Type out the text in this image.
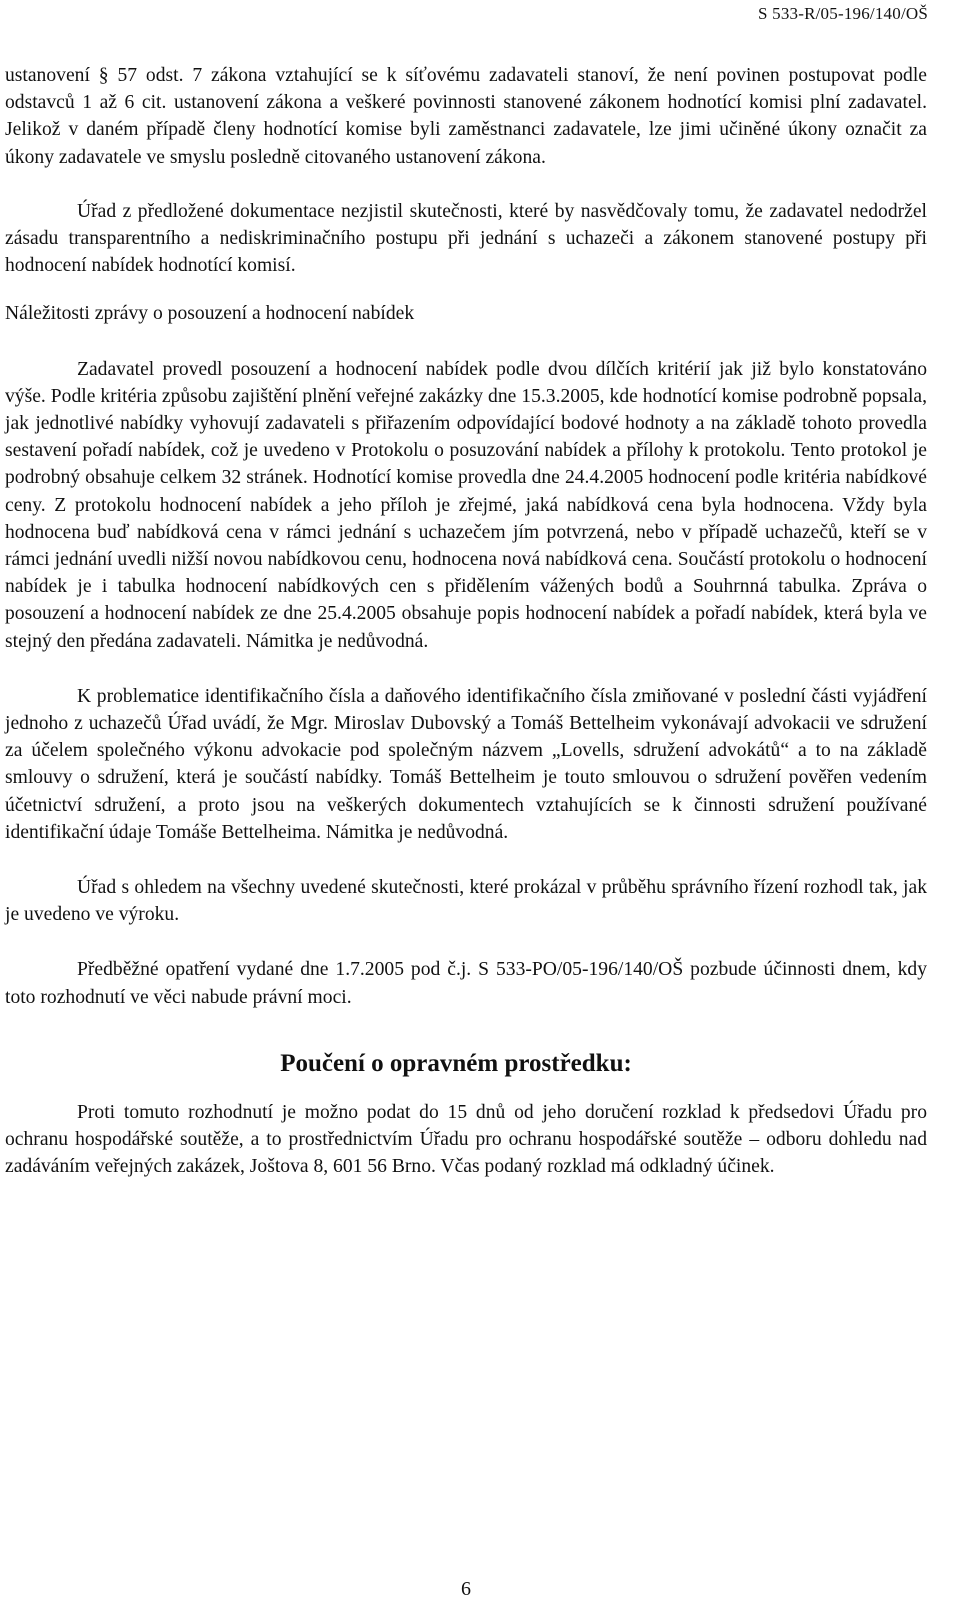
S 533-R/05-196/140/OŠ

ustanovení § 57 odst. 7 zákona vztahující se k síťovému zadavateli stanoví, že není povinen postupovat podle odstavců 1 až 6 cit. ustanovení zákona a veškeré povinnosti stanovené zákonem hodnotící komisi plní zadavatel. Jelikož v daném případě členy hodnotící komise byli zaměstnanci zadavatele, lze jimi učiněné úkony označit za úkony zadavatele ve smyslu posledně citovaného ustanovení zákona.

Úřad z předložené dokumentace nezjistil skutečnosti, které by nasvědčovaly tomu, že zadavatel nedodržel zásadu transparentního a nediskriminačního postupu při jednání s uchazeči a zákonem stanovené postupy při hodnocení nabídek hodnotící komisí.

Náležitosti zprávy o posouzení a hodnocení nabídek

Zadavatel provedl posouzení a hodnocení nabídek podle dvou dílčích kritérií jak již bylo konstatováno výše. Podle kritéria způsobu zajištění plnění veřejné zakázky dne 15.3.2005, kde hodnotící komise podrobně popsala, jak jednotlivé nabídky vyhovují zadavateli s přiřazením odpovídající bodové hodnoty a na základě tohoto provedla sestavení pořadí nabídek, což je uvedeno v Protokolu o posuzování nabídek a přílohy k protokolu. Tento protokol je podrobný obsahuje celkem 32 stránek. Hodnotící komise provedla dne 24.4.2005 hodnocení podle kritéria nabídkové ceny. Z protokolu hodnocení nabídek a jeho příloh je zřejmé, jaká nabídková cena byla hodnocena. Vždy byla hodnocena buď nabídková cena v rámci jednání s uchazečem jím potvrzená, nebo v případě uchazečů, kteří se v rámci jednání uvedli nižší novou nabídkovou cenu, hodnocena nová nabídková cena. Součástí protokolu o hodnocení nabídek je i tabulka hodnocení nabídkových cen s přidělením vážených bodů a Souhrnná tabulka. Zpráva o posouzení a hodnocení nabídek ze dne 25.4.2005 obsahuje popis hodnocení nabídek a pořadí nabídek, která byla ve stejný den předána zadavateli. Námitka je nedůvodná.

K problematice identifikačního čísla a daňového identifikačního čísla zmiňované v poslední části vyjádření jednoho z uchazečů Úřad uvádí, že Mgr. Miroslav Dubovský a Tomáš Bettelheim vykonávají advokacii ve sdružení za účelem společného výkonu advokacie pod společným názvem „Lovells, sdružení advokátů“ a to na základě smlouvy o sdružení, která je součástí nabídky. Tomáš Bettelheim je touto smlouvou o sdružení pověřen vedením účetnictví sdružení, a proto jsou na veškerých dokumentech vztahujících se k činnosti sdružení používané identifikační údaje Tomáše Bettelheima. Námitka je nedůvodná.

Úřad s ohledem na všechny uvedené skutečnosti, které prokázal v průběhu správního řízení rozhodl tak, jak je uvedeno ve výroku.

Předběžné opatření vydané dne 1.7.2005 pod č.j. S 533-PO/05-196/140/OŠ pozbude účinnosti dnem, kdy toto rozhodnutí ve věci nabude právní moci.

Poučení o opravném prostředku:

Proti tomuto rozhodnutí je možno podat do 15 dnů od jeho doručení rozklad k předsedovi Úřadu pro ochranu hospodářské soutěže, a to prostřednictvím Úřadu pro ochranu hospodářské soutěže – odboru dohledu nad zadáváním veřejných zakázek, Joštova 8, 601 56 Brno. Včas podaný rozklad má odkladný účinek.

6
